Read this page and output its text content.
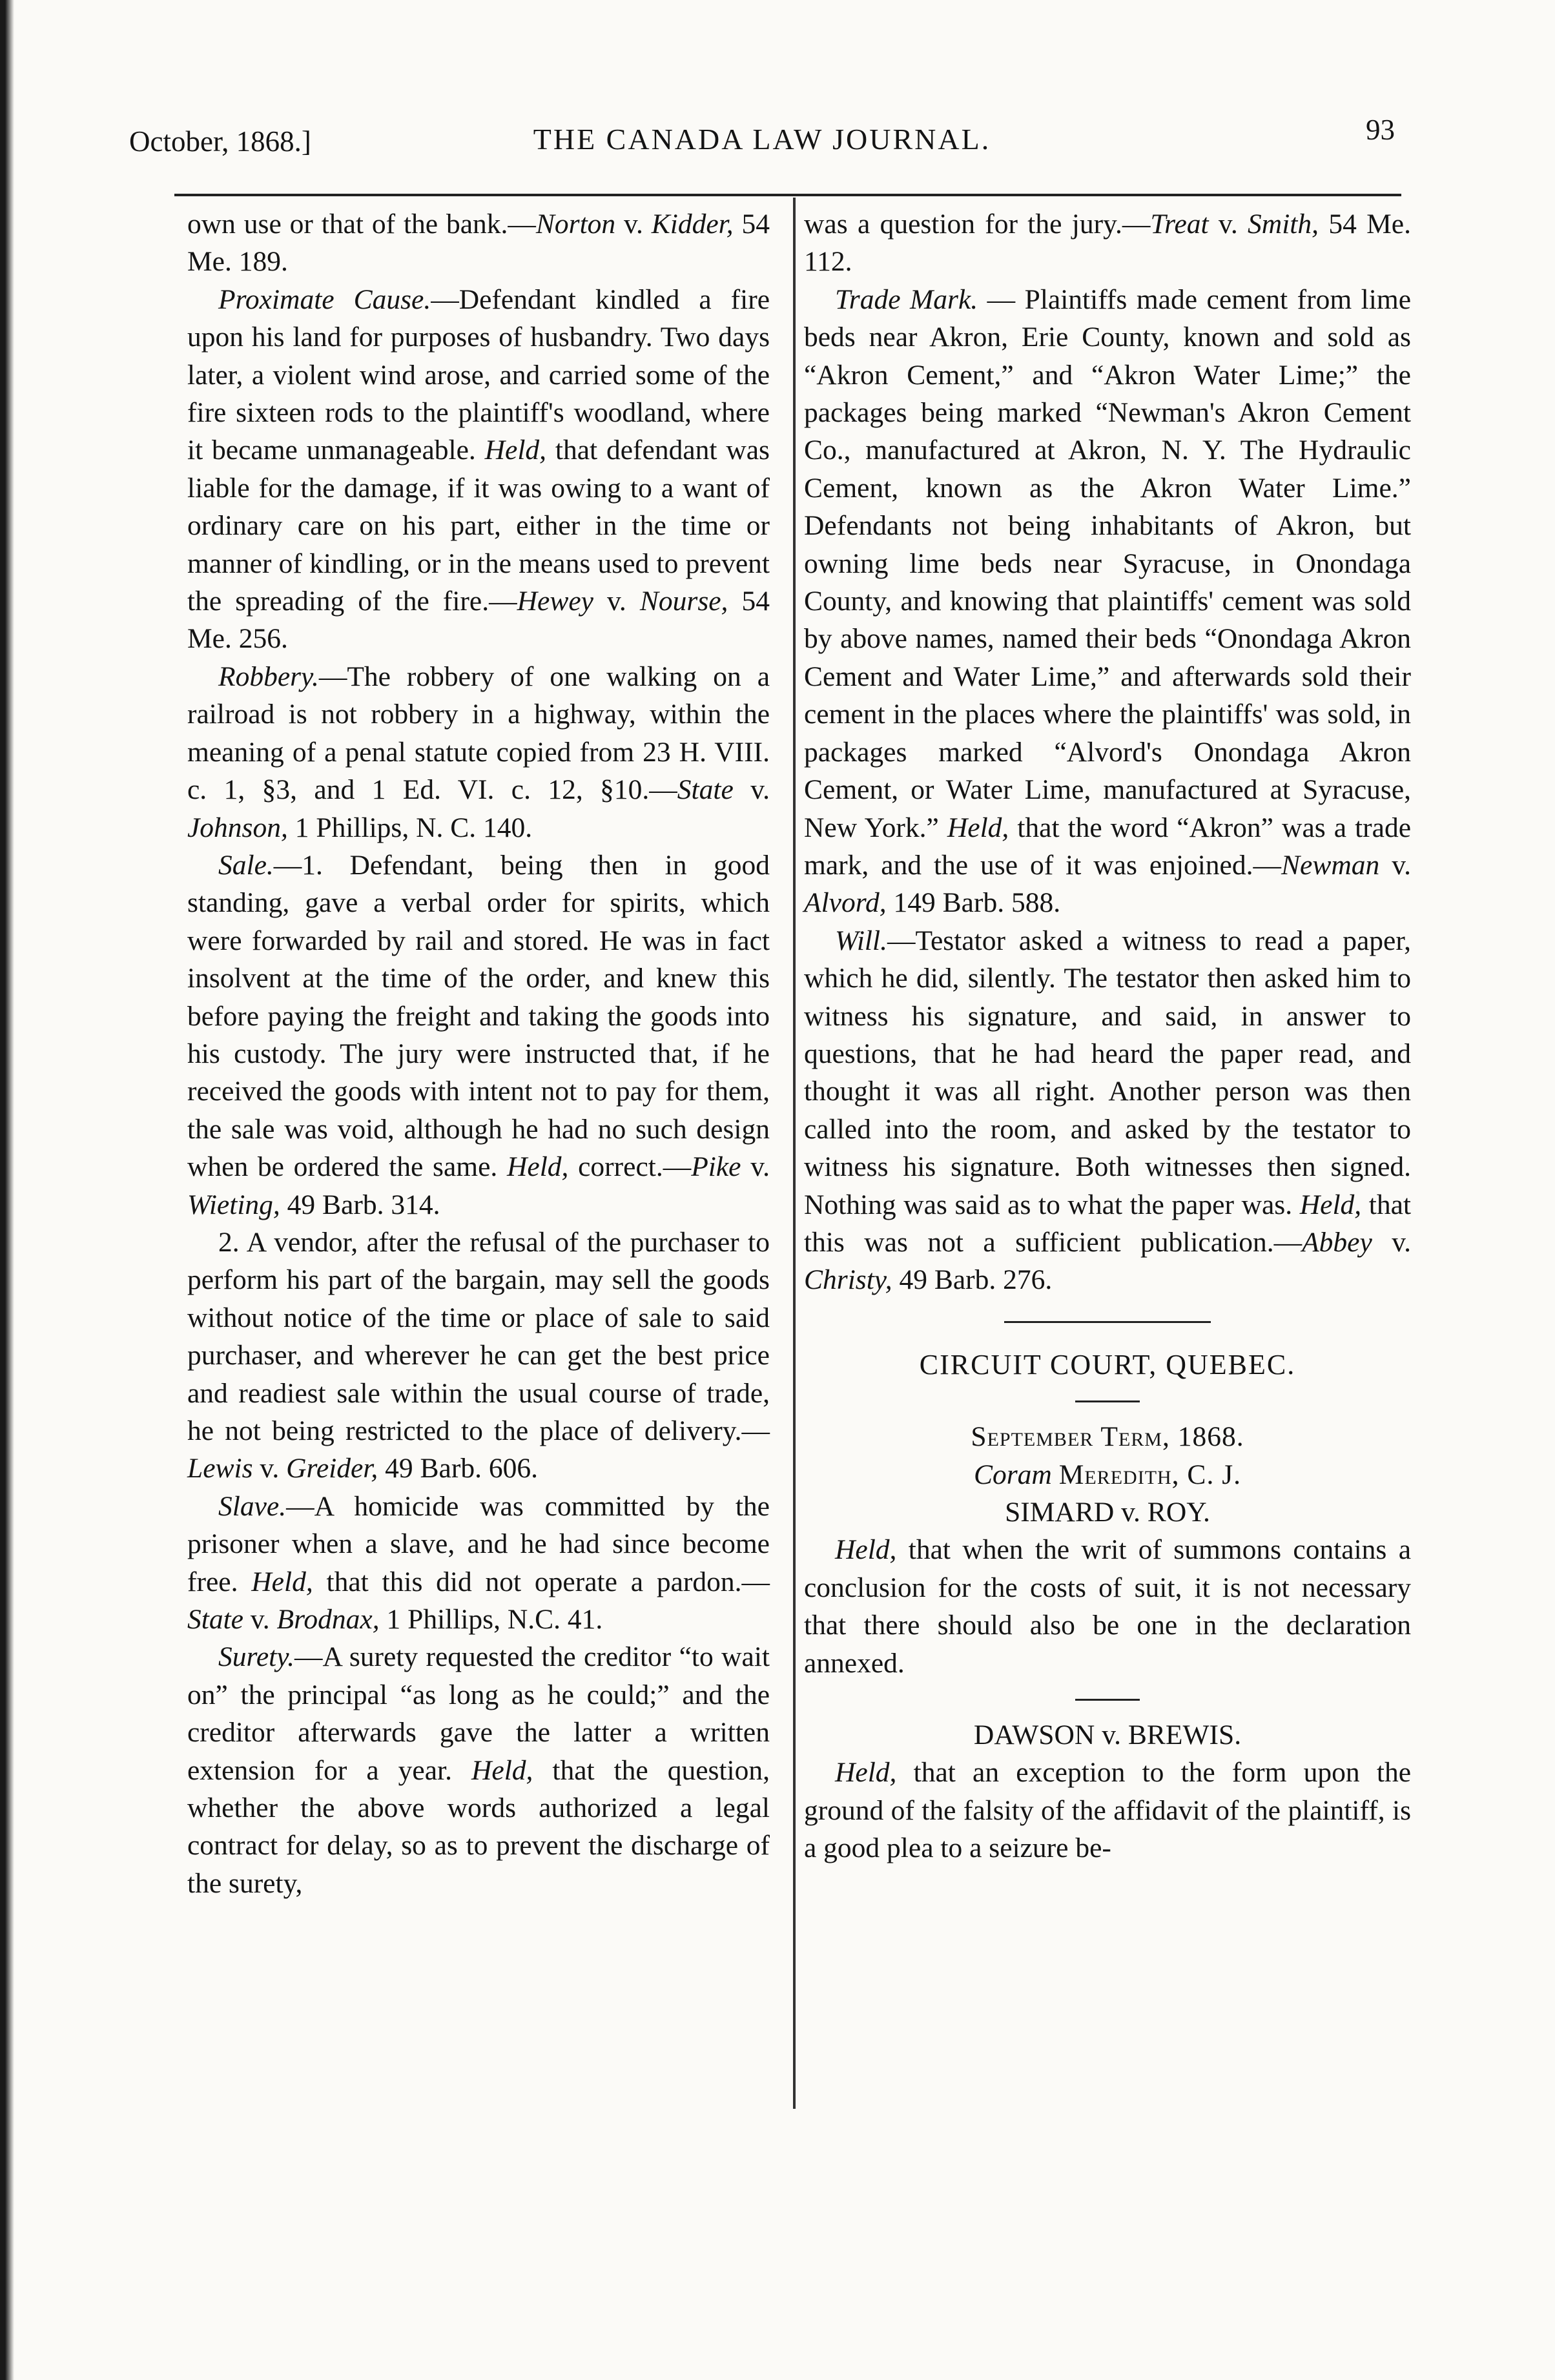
October, 1868.]	THE CANADA LAW JOURNAL.	93

own use or that of the bank.—Norton v. Kidder, 54 Me. 189.

Proximate Cause.—Defendant kindled a fire upon his land for purposes of husbandry. Two days later, a violent wind arose, and carried some of the fire sixteen rods to the plaintiff's woodland, where it became unmanageable. Held, that defendant was liable for the damage, if it was owing to a want of ordinary care on his part, either in the time or manner of kindling, or in the means used to prevent the spreading of the fire.—Hewey v. Nourse, 54 Me. 256.

Robbery.—The robbery of one walking on a railroad is not robbery in a highway, within the meaning of a penal statute copied from 23 H. VIII. c. 1, §3, and 1 Ed. VI. c. 12, §10.—State v. Johnson, 1 Phillips, N. C. 140.

Sale.—1. Defendant, being then in good standing, gave a verbal order for spirits, which were forwarded by rail and stored. He was in fact insolvent at the time of the order, and knew this before paying the freight and taking the goods into his custody. The jury were instructed that, if he received the goods with intent not to pay for them, the sale was void, although he had no such design when be ordered the same. Held, correct.—Pike v. Wieting, 49 Barb. 314.

2. A vendor, after the refusal of the purchaser to perform his part of the bargain, may sell the goods without notice of the time or place of sale to said purchaser, and wherever he can get the best price and readiest sale within the usual course of trade, he not being restricted to the place of delivery.—Lewis v. Greider, 49 Barb. 606.

Slave.—A homicide was committed by the prisoner when a slave, and he had since become free. Held, that this did not operate a pardon.—State v. Brodnax, 1 Phillips, N.C. 41.

Surety.—A surety requested the creditor “to wait on” the principal “as long as he could;” and the creditor afterwards gave the latter a written extension for a year. Held, that the question, whether the above words authorized a legal contract for delay, so as to prevent the discharge of the surety,

was a question for the jury.—Treat v. Smith, 54 Me. 112.

Trade Mark. — Plaintiffs made cement from lime beds near Akron, Erie County, known and sold as “Akron Cement,” and “Akron Water Lime;” the packages being marked “Newman's Akron Cement Co., manufactured at Akron, N. Y. The Hydraulic Cement, known as the Akron Water Lime.” Defendants not being inhabitants of Akron, but owning lime beds near Syracuse, in Onondaga County, and knowing that plaintiffs' cement was sold by above names, named their beds “Onondaga Akron Cement and Water Lime,” and afterwards sold their cement in the places where the plaintiffs' was sold, in packages marked “Alvord's Onondaga Akron Cement, or Water Lime, manufactured at Syracuse, New York.” Held, that the word “Akron” was a trade mark, and the use of it was enjoined.—Newman v. Alvord, 149 Barb. 588.

Will.—Testator asked a witness to read a paper, which he did, silently. The testator then asked him to witness his signature, and said, in answer to questions, that he had heard the paper read, and thought it was all right. Another person was then called into the room, and asked by the testator to witness his signature. Both witnesses then signed. Nothing was said as to what the paper was. Held, that this was not a sufficient publication.—Abbey v. Christy, 49 Barb. 276.

CIRCUIT COURT, QUEBEC.

September Term, 1868.

Coram Meredith, C. J.

SIMARD v. ROY.

Held, that when the writ of summons contains a conclusion for the costs of suit, it is not necessary that there should also be one in the declaration annexed.

DAWSON v. BREWIS.

Held, that an exception to the form upon the ground of the falsity of the affidavit of the plaintiff, is a good plea to a seizure be-
